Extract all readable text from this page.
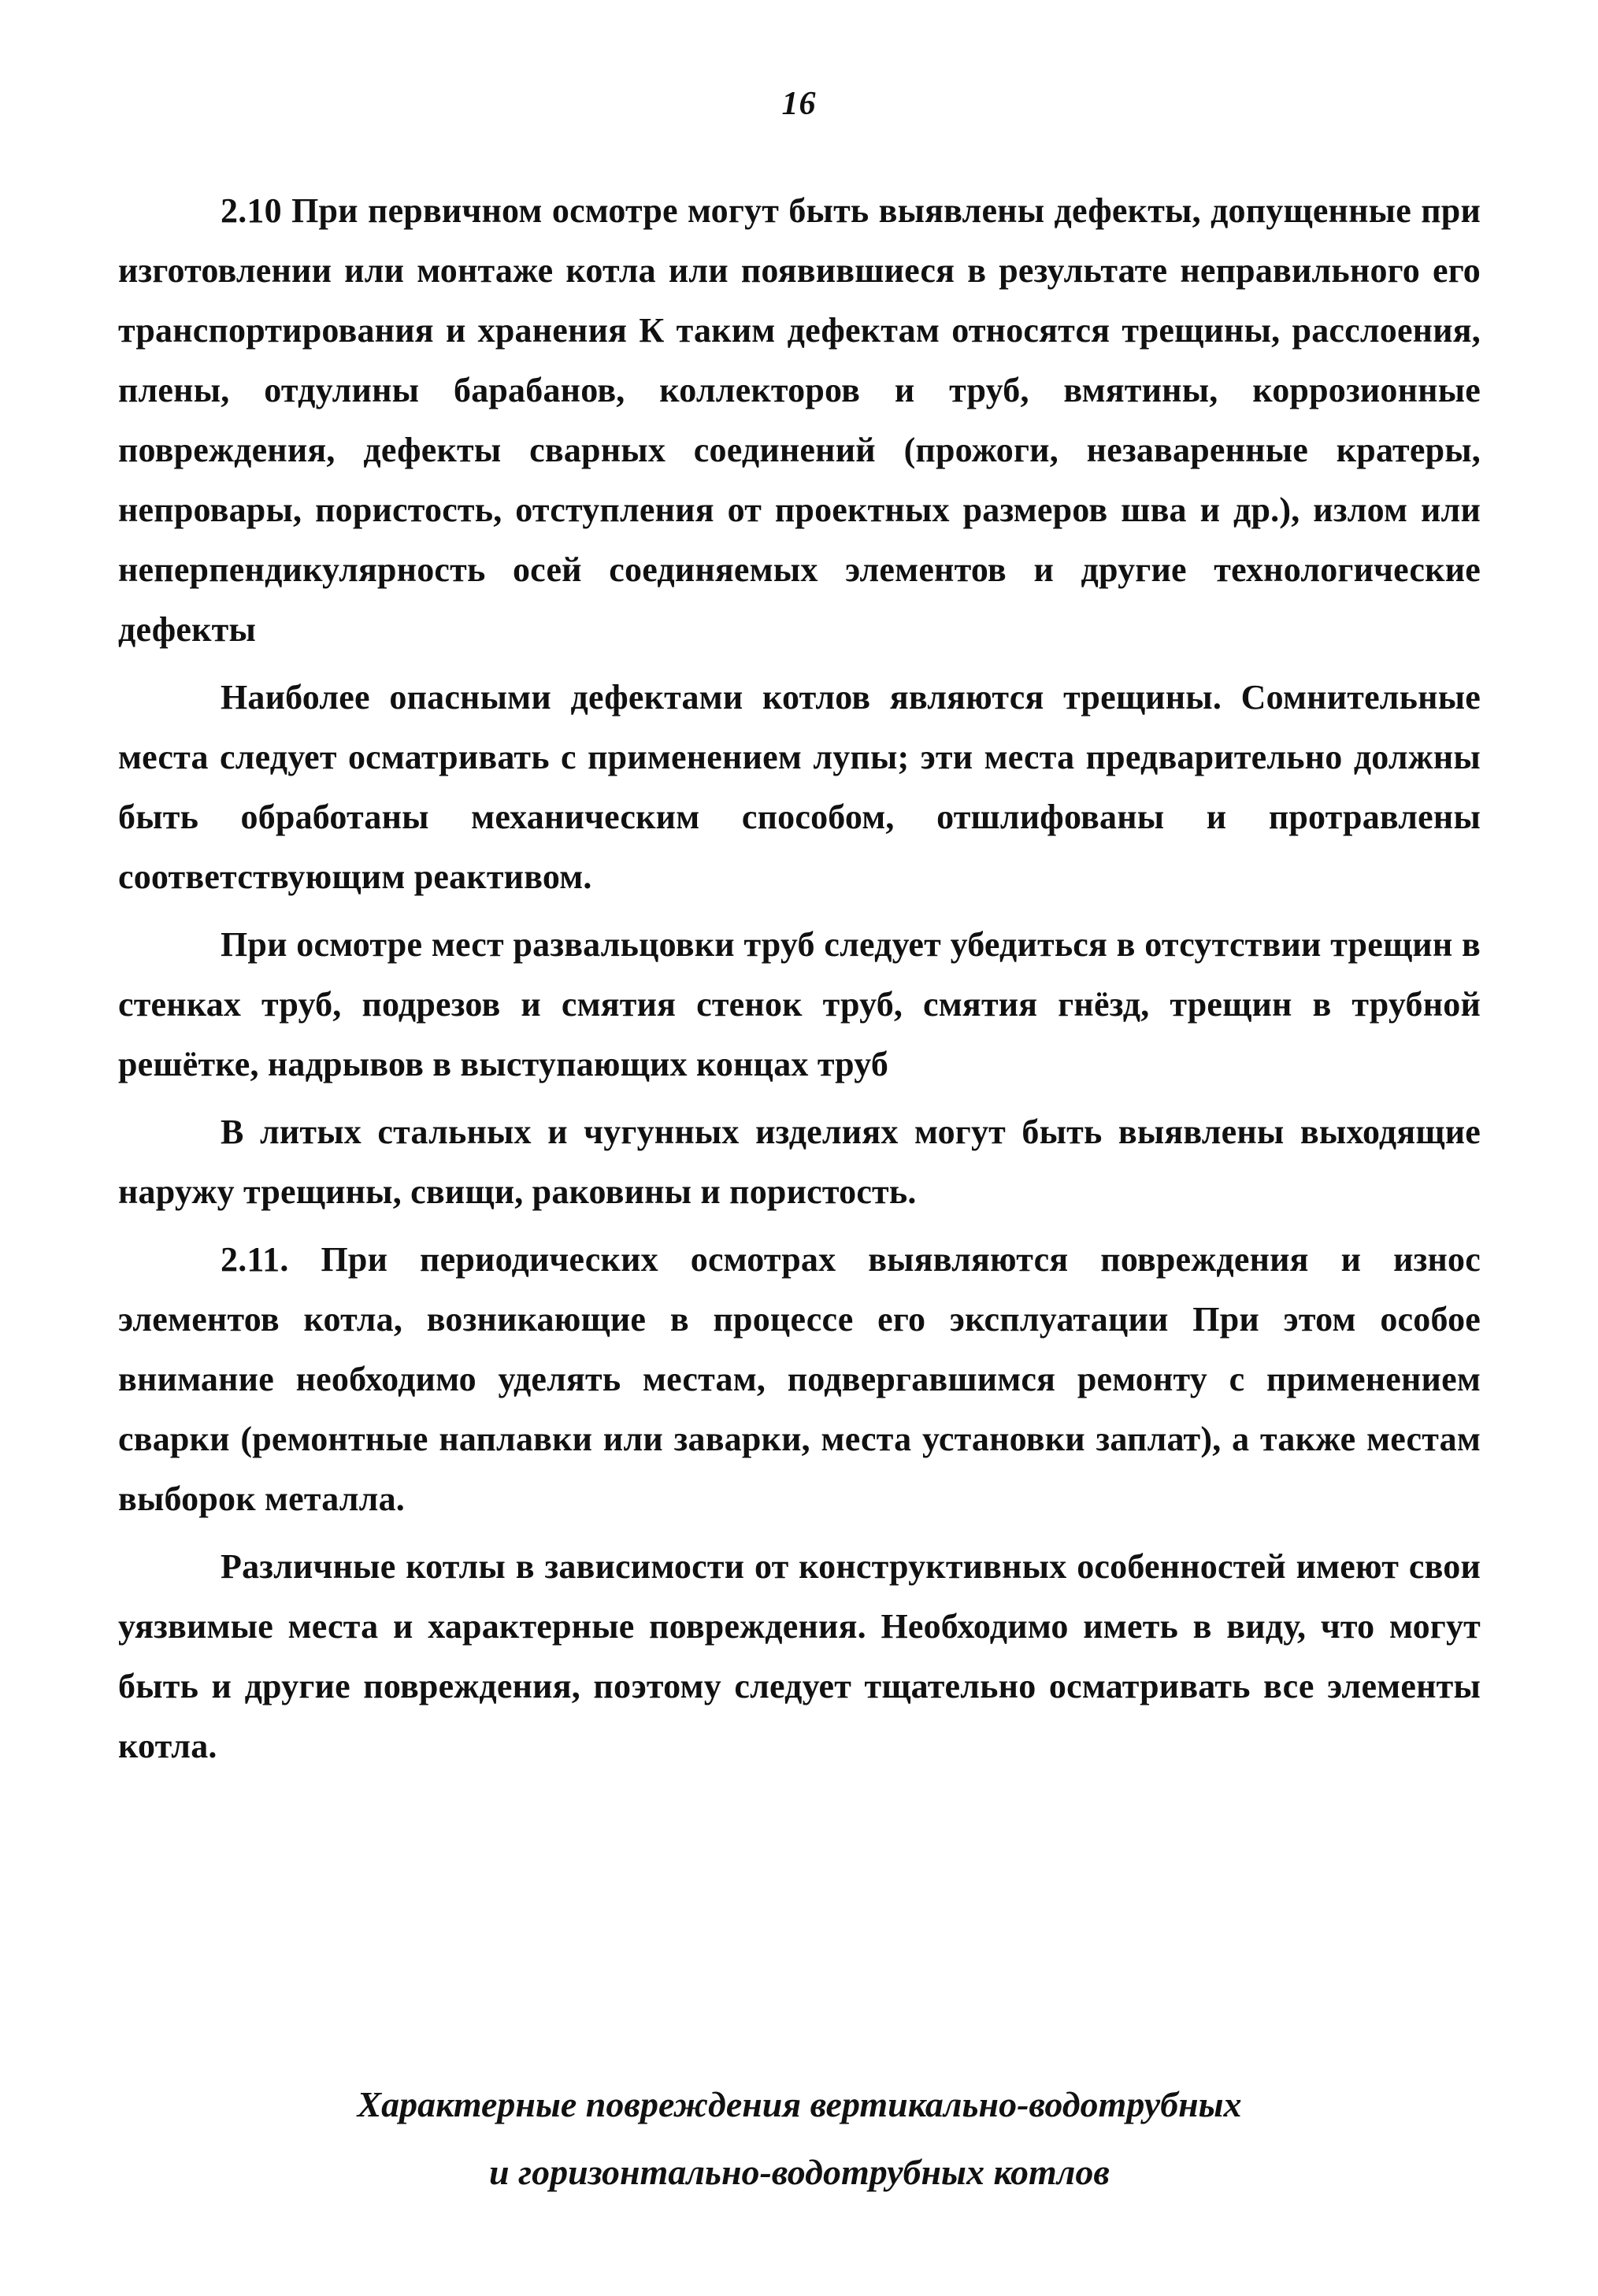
16

2.10 При первичном осмотре могут быть выявлены дефекты, допущенные при изготовлении или монтаже котла или появившиеся в результате неправильного его транспортирования и хранения К таким дефектам относятся трещины, расслоения, плены, отдулины барабанов, коллекторов и труб, вмятины, коррозионные повреждения, дефекты сварных соединений (прожоги, незаваренные кратеры, непровары, пористость, отступления от проектных размеров шва и др.), излом или неперпендикулярность осей соединяемых элементов и другие технологические дефекты

Наиболее опасными дефектами котлов являются трещины. Сомнительные места следует осматривать с применением лупы; эти места предварительно должны быть обработаны механическим способом, отшлифованы и протравлены соответствующим реактивом.

При осмотре мест развальцовки труб следует убедиться в отсутствии трещин в стенках труб, подрезов и смятия стенок труб, смятия гнёзд, трещин в трубной решётке, надрывов в выступающих концах труб

В литых стальных и чугунных изделиях могут быть выявлены выходящие наружу трещины, свищи, раковины и пористость.

2.11. При периодических осмотрах выявляются повреждения и износ элементов котла, возникающие в процессе его эксплуатации При этом особое внимание необходимо уделять местам, подвергавшимся ремонту с применением сварки (ремонтные наплавки или заварки, места установки заплат), а также местам выборок металла.

Различные котлы в зависимости от конструктивных особенностей имеют свои уязвимые места и характерные повреждения. Необходимо иметь в виду, что могут быть и другие повреждения, поэтому следует тщательно осматривать все элементы котла.

Характерные повреждения вертикально-водотрубных
и горизонтально-водотрубных котлов
